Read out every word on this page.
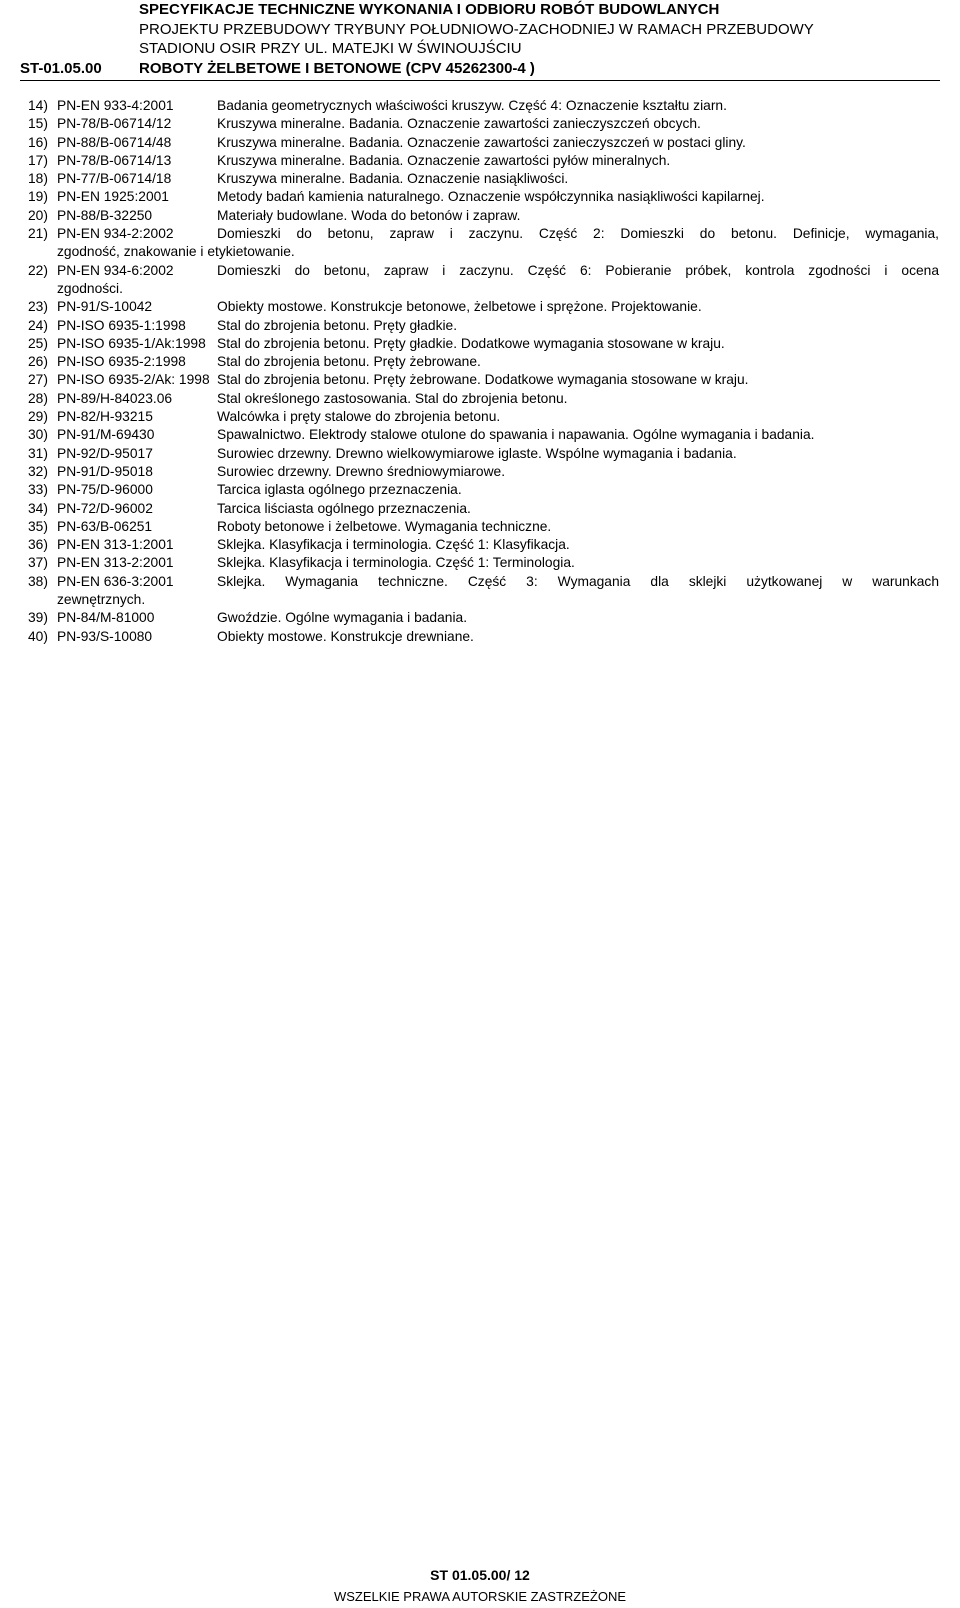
SPECYFIKACJE TECHNICZNE WYKONANIA I ODBIORU ROBÓT BUDOWLANYCH
PROJEKTU PRZEBUDOWY TRYBUNY POŁUDNIOWO-ZACHODNIEJ W RAMACH PRZEBUDOWY
STADIONU OSIR PRZY UL. MATEJKI W ŚWINOUJŚCIU
ST-01.05.00	ROBOTY ŻELBETOWE I BETONOWE (CPV 45262300-4 )
14) PN-EN 933-4:2001	Badania geometrycznych właściwości kruszyw. Część 4: Oznaczenie kształtu ziarn.
15) PN-78/B-06714/12	Kruszywa mineralne. Badania. Oznaczenie zawartości zanieczyszczeń obcych.
16) PN-88/B-06714/48	Kruszywa mineralne. Badania. Oznaczenie zawartości zanieczyszczeń w postaci gliny.
17) PN-78/B-06714/13	Kruszywa mineralne. Badania. Oznaczenie zawartości pyłów mineralnych.
18) PN-77/B-06714/18	Kruszywa mineralne. Badania. Oznaczenie nasiąkliwości.
19) PN-EN 1925:2001	Metody badań kamienia naturalnego. Oznaczenie współczynnika nasiąkliwości kapilarnej.
20) PN-88/B-32250	Materiały budowlane. Woda do betonów i zapraw.
21) PN-EN 934-2:2002	Domieszki do betonu, zapraw i zaczynu. Część 2: Domieszki do betonu. Definicje, wymagania,
zgodność, znakowanie i etykietowanie.
22) PN-EN 934-6:2002	Domieszki do betonu, zapraw i zaczynu. Część 6: Pobieranie próbek, kontrola zgodności i ocena
zgodności.
23) PN-91/S-10042	Obiekty mostowe. Konstrukcje betonowe, żelbetowe i sprężone. Projektowanie.
24) PN-ISO 6935-1:1998	Stal do zbrojenia betonu. Pręty gładkie.
25) PN-ISO 6935-1/Ak:1998 Stal do zbrojenia betonu. Pręty gładkie. Dodatkowe wymagania stosowane w kraju.
26) PN-ISO 6935-2:1998	Stal do zbrojenia betonu. Pręty żebrowane.
27) PN-ISO 6935-2/Ak: 1998 Stal do zbrojenia betonu. Pręty żebrowane. Dodatkowe wymagania stosowane w kraju.
28) PN-89/H-84023.06	Stal określonego zastosowania. Stal do zbrojenia betonu.
29) PN-82/H-93215	Walcówka i pręty stalowe do zbrojenia betonu.
30) PN-91/M-69430	Spawalnictwo. Elektrody stalowe otulone do spawania i napawania. Ogólne wymagania i badania.
31) PN-92/D-95017	Surowiec drzewny. Drewno wielkowymiarowe iglaste. Wspólne wymagania i badania.
32) PN-91/D-95018	Surowiec drzewny. Drewno średniowymiarowe.
33) PN-75/D-96000	Tarcica iglasta ogólnego przeznaczenia.
34) PN-72/D-96002	Tarcica liściasta ogólnego przeznaczenia.
35) PN-63/B-06251	Roboty betonowe i żelbetowe. Wymagania techniczne.
36) PN-EN 313-1:2001	Sklejka. Klasyfikacja i terminologia. Część 1: Klasyfikacja.
37) PN-EN 313-2:2001	Sklejka. Klasyfikacja i terminologia. Część 1: Terminologia.
38) PN-EN 636-3:2001	Sklejka. Wymagania techniczne. Część 3: Wymagania dla sklejki użytkowanej w warunkach
zewnętrznych.
39) PN-84/M-81000	Gwoździe. Ogólne wymagania i badania.
40) PN-93/S-10080	Obiekty mostowe. Konstrukcje drewniane.
ST 01.05.00/ 12
WSZELKIE PRAWA AUTORSKIE ZASTRZEŻONE
